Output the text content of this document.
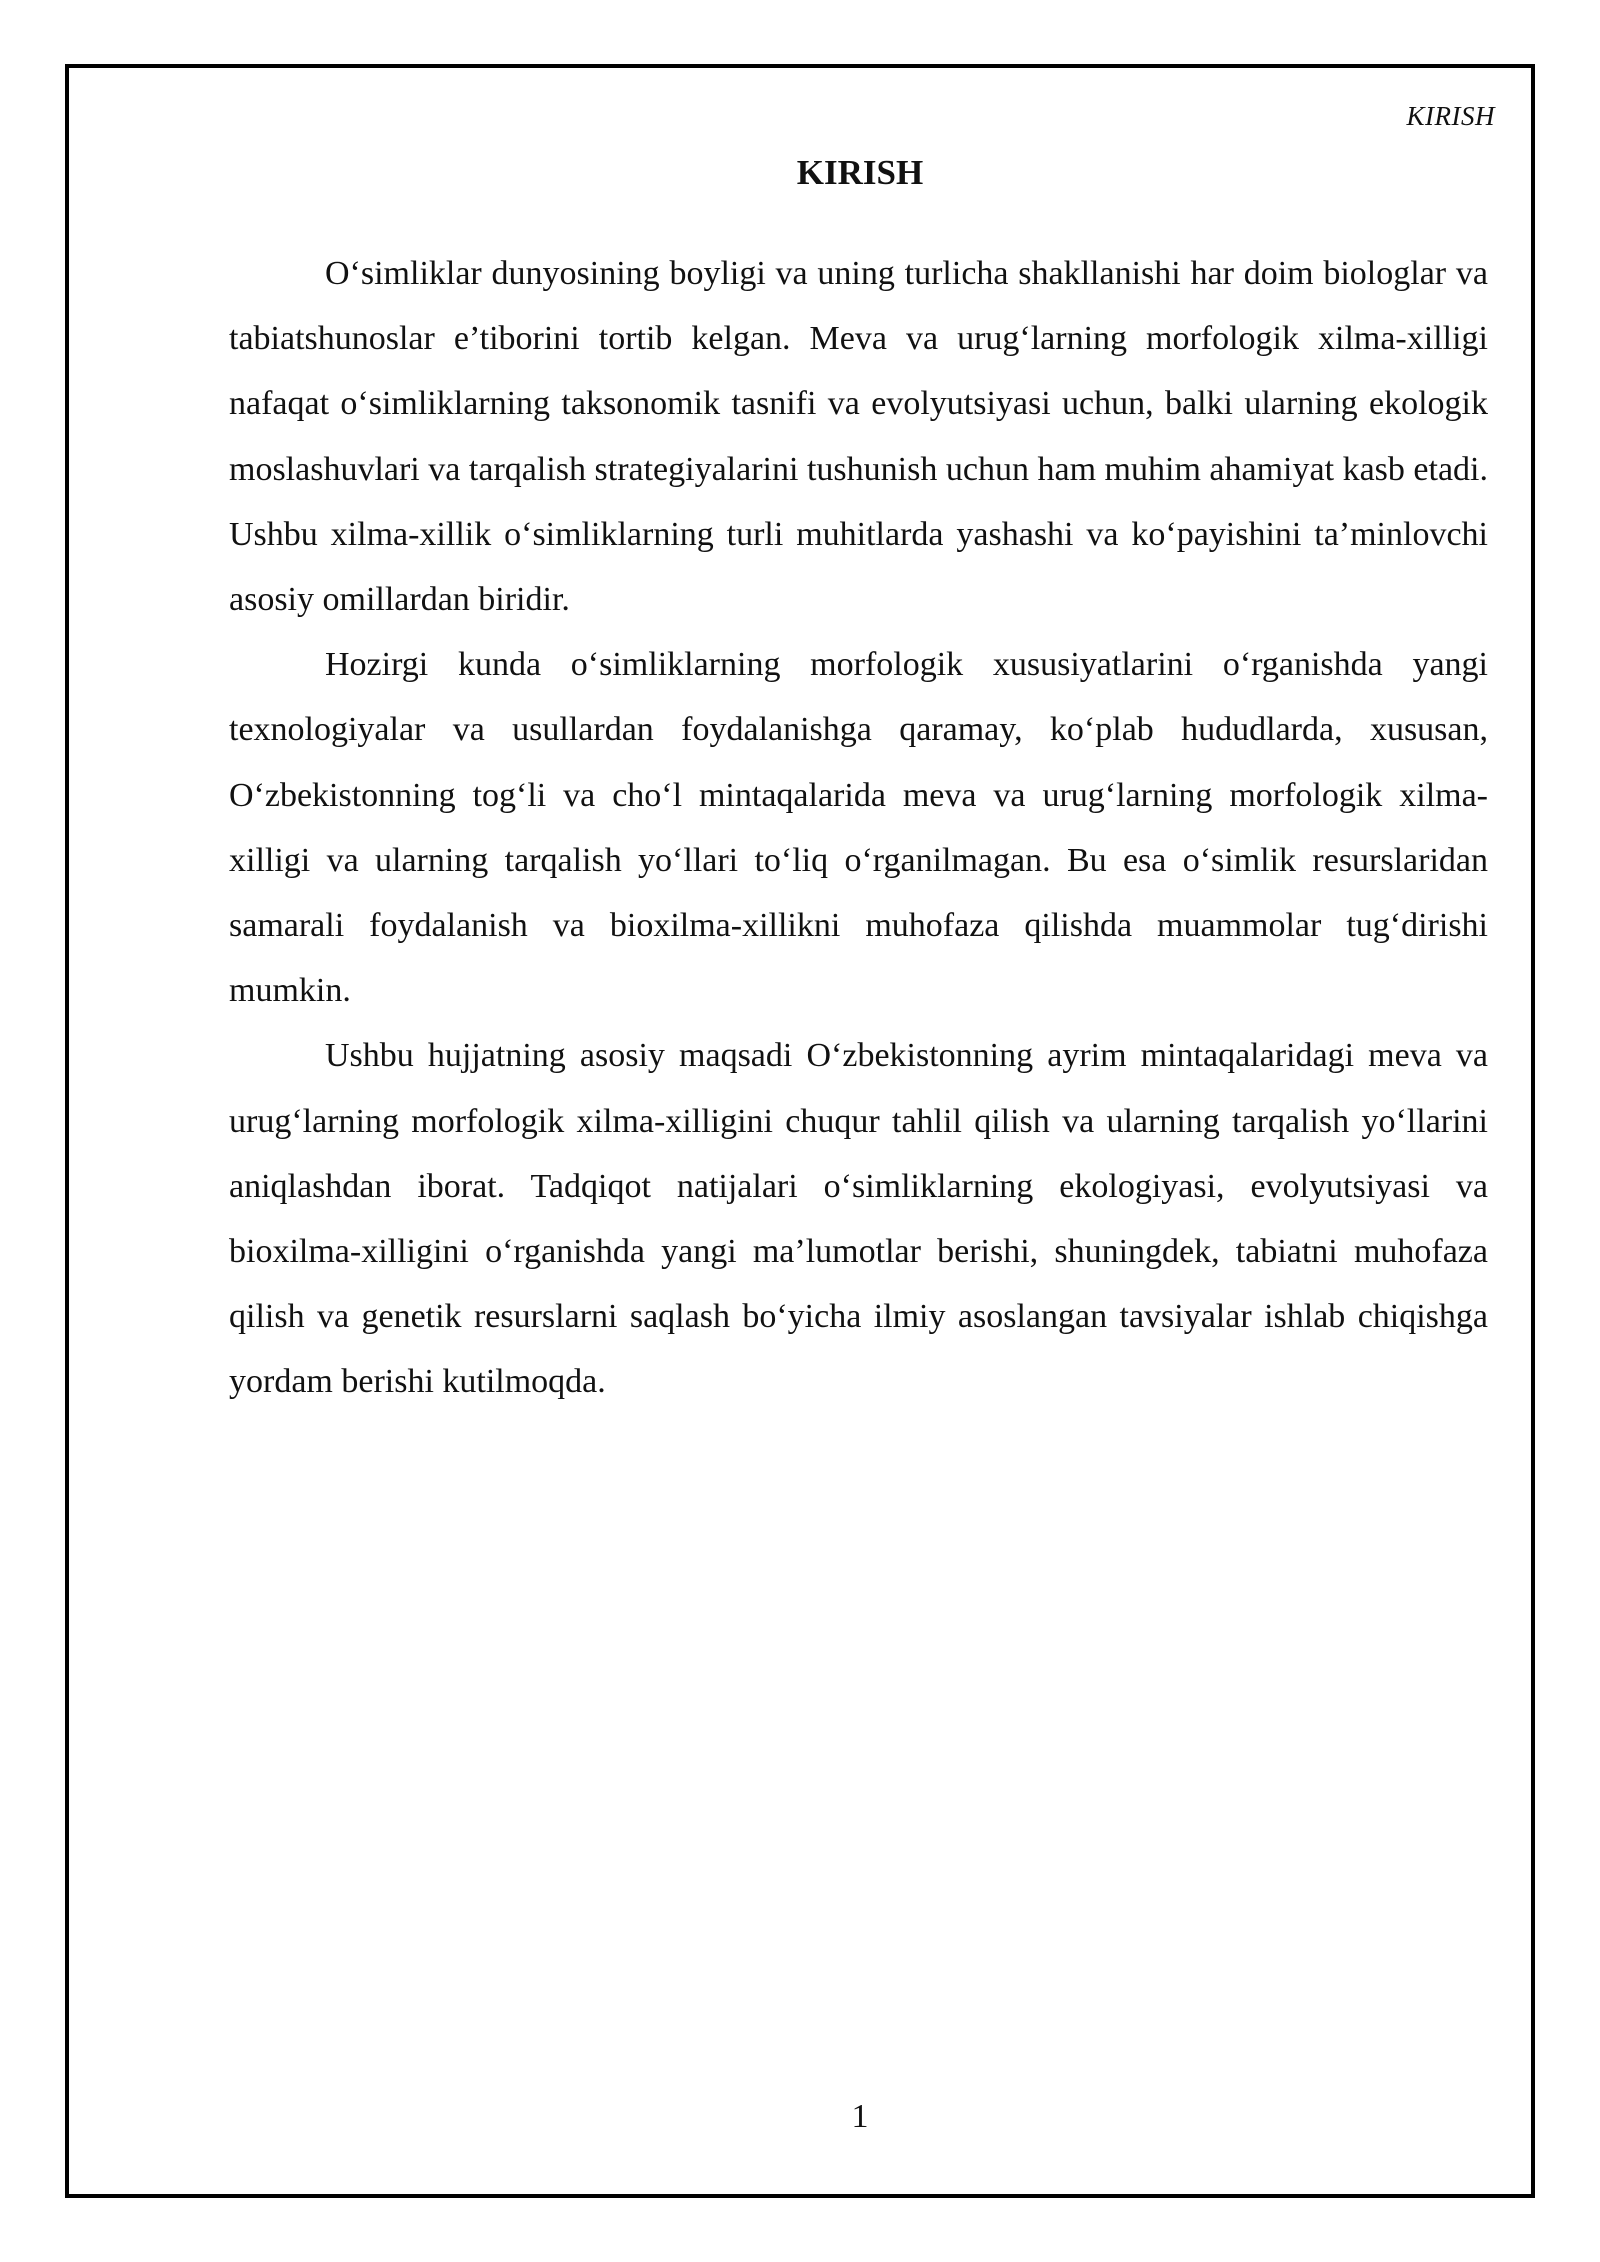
KIRISH
KIRISH

O‘simliklar dunyosining boyligi va uning turlicha shakllanishi har doim biologlar va tabiatshunoslar e’tiborini tortib kelgan. Meva va urug‘larning morfologik xilma-xilligi nafaqat o‘simliklarning taksonomik tasnifi va evolyutsiyasi uchun, balki ularning ekologik moslashuvlari va tarqalish strategiyalarini tushunish uchun ham muhim ahamiyat kasb etadi. Ushbu xilma-xillik o‘simliklarning turli muhitlarda yashashi va ko‘payishini ta’minlovchi asosiy omillardan biridir.

Hozirgi kunda o‘simliklarning morfologik xususiyatlarini o‘rganishda yangi texnologiyalar va usullardan foydalanishga qaramay, ko‘plab hududlarda, xususan, O‘zbekistonning tog‘li va cho‘l mintaqalarida meva va urug‘larning morfologik xilma-xilligi va ularning tarqalish yo‘llari to‘liq o‘rganilmagan. Bu esa o‘simlik resurslaridan samarali foydalanish va bioxilma-xillikni muhofaza qilishda muammolar tug‘dirishi mumkin.

Ushbu hujjatning asosiy maqsadi O‘zbekistonning ayrim mintaqalaridagi meva va urug‘larning morfologik xilma-xilligini chuqur tahlil qilish va ularning tarqalish yo‘llarini aniqlashdan iborat. Tadqiqot natijalari o‘simliklarning ekologiyasi, evolyutsiyasi va bioxilma-xilligini o‘rganishda yangi ma’lumotlar berishi, shuningdek, tabiatni muhofaza qilish va genetik resurslarni saqlash bo‘yicha ilmiy asoslangan tavsiyalar ishlab chiqishga yordam berishi kutilmoqda.

1
